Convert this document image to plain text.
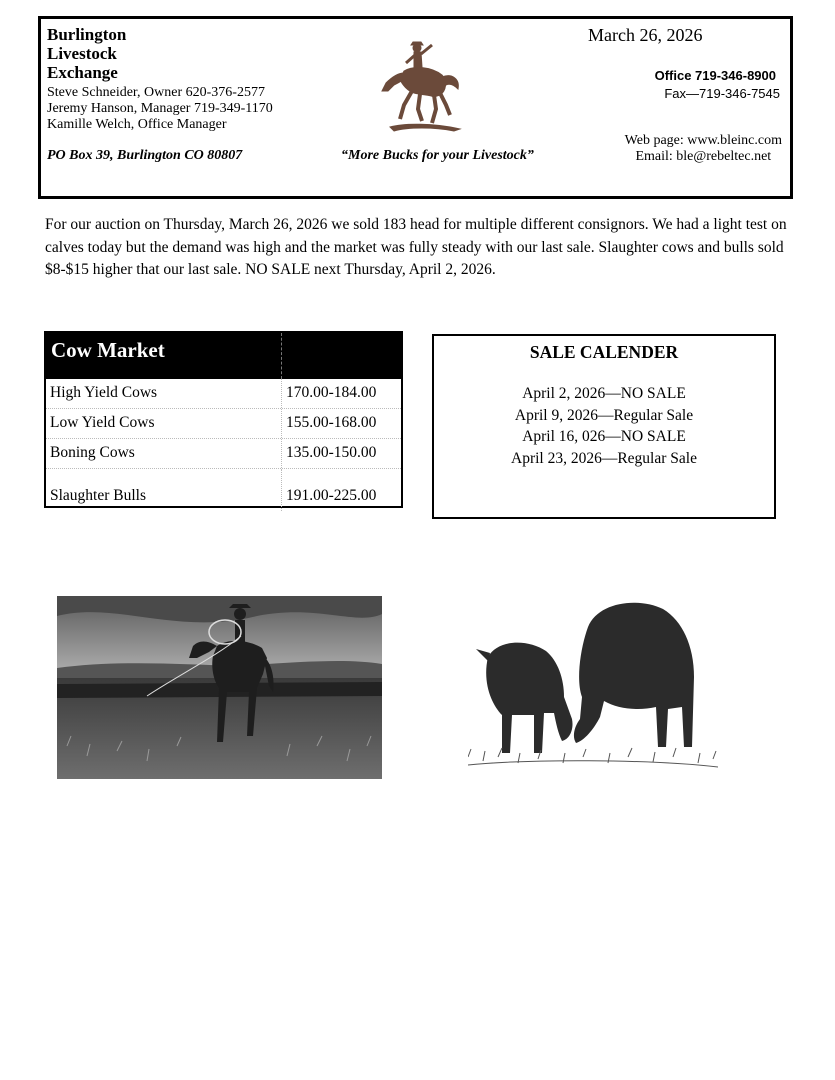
Burlington
Livestock
Exchange
Steve Schneider, Owner 620-376-2577
Jeremy Hanson, Manager 719-349-1170
Kamille Welch, Office Manager
PO Box 39, Burlington CO 80807	“More Bucks for your Livestock”
March 26, 2026
Office 719-346-8900
Fax—719-346-7545
Web page: www.bleinc.com
Email: ble@rebeltec.net

For our auction on Thursday, March 26, 2026 we sold 183 head for multiple different consignors. We had a light test on calves today but the demand was high and the market was fully steady with our last sale. Slaughter cows and bulls sold $8-$15 higher that our last sale. NO SALE next Thursday, April 2, 2026.

Cow Market
High Yield Cows	170.00-184.00
Low Yield Cows	155.00-168.00
Boning Cows	135.00-150.00
Slaughter Bulls	191.00-225.00
SALE CALENDER
April 2, 2026—NO SALE
April 9, 2026—Regular Sale
April 16, 026—NO SALE
April 23, 2026—Regular Sale
